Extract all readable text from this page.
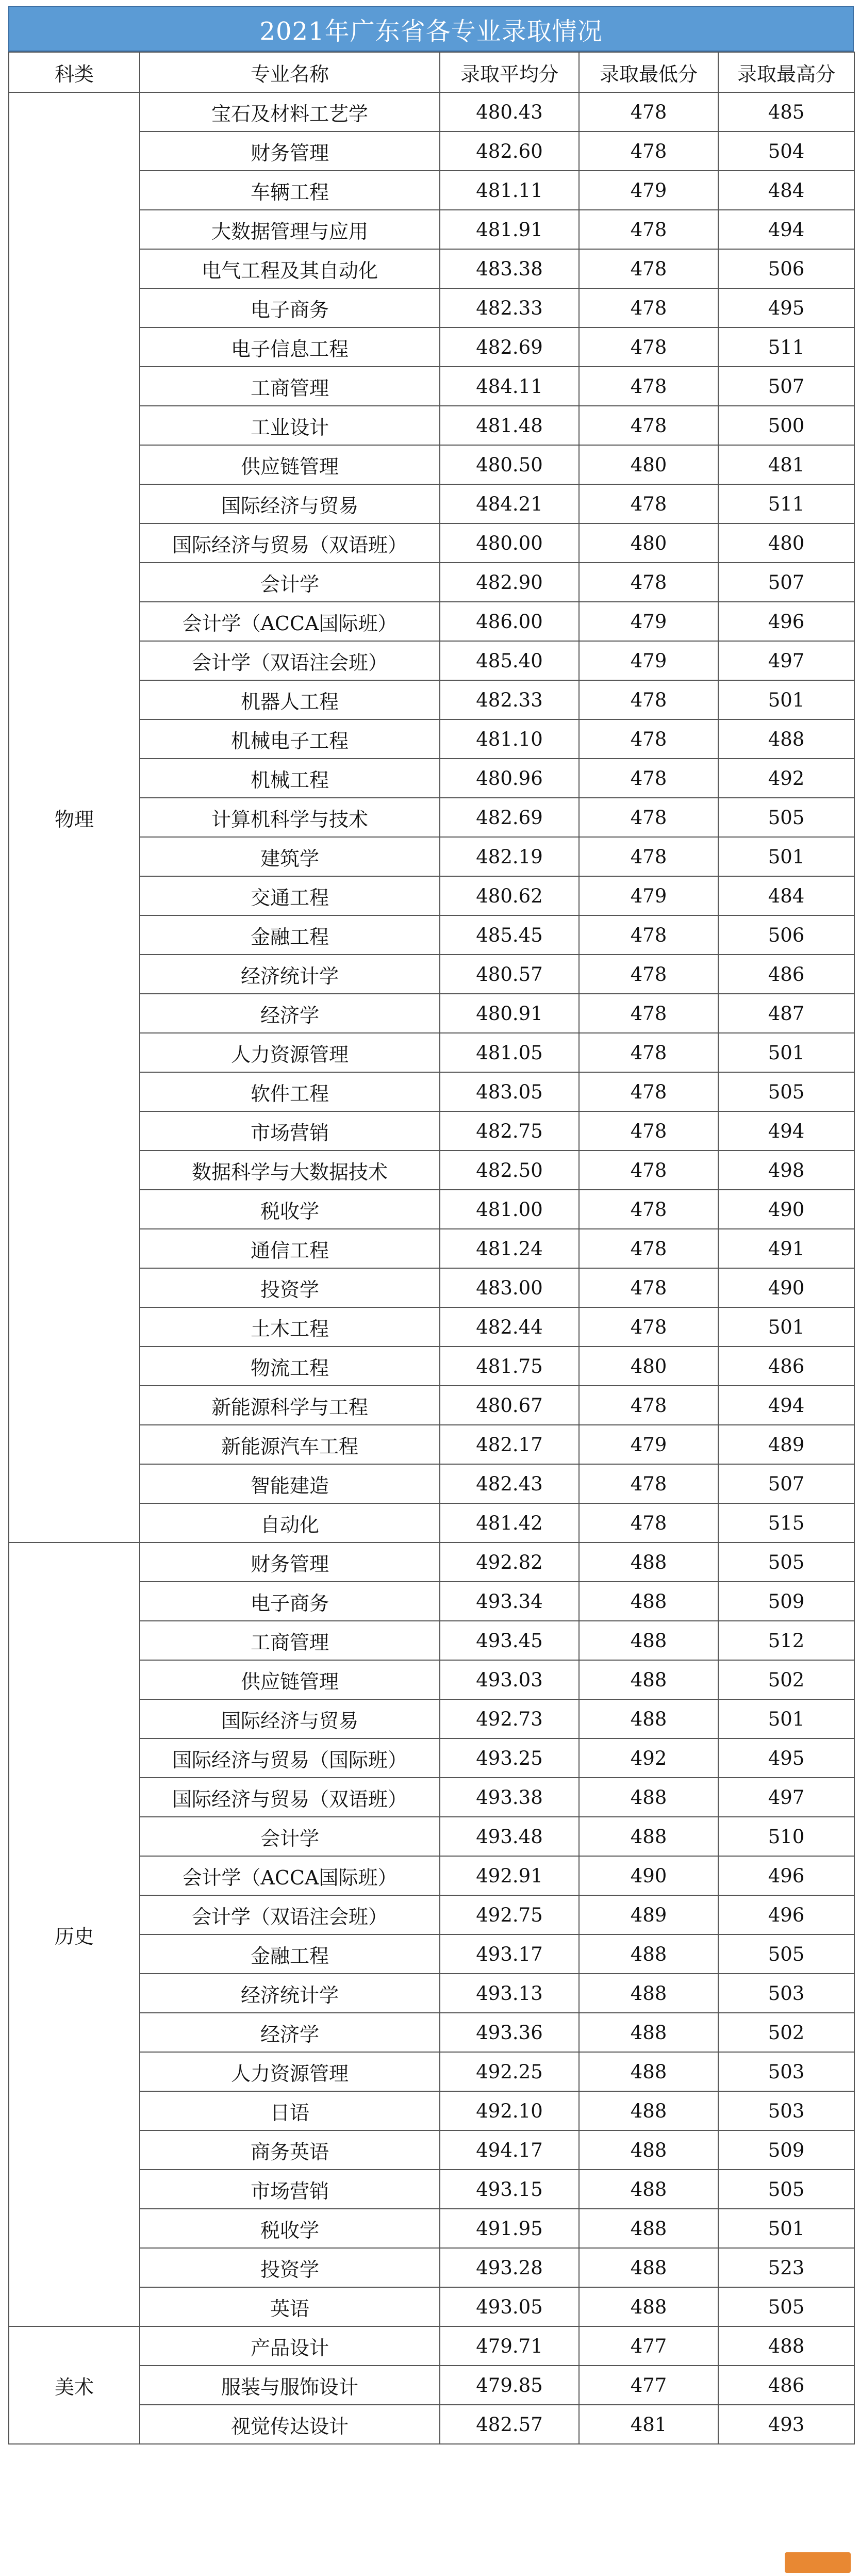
2021年广东省各专业录取情况
科类	专业名称	录取平均分	录取最低分	录取最高分
物理	宝石及材料工艺学	480.43	478	485
	财务管理	482.60	478	504
	车辆工程	481.11	479	484
	大数据管理与应用	481.91	478	494
	电气工程及其自动化	483.38	478	506
	电子商务	482.33	478	495
	电子信息工程	482.69	478	511
	工商管理	484.11	478	507
	工业设计	481.48	478	500
	供应链管理	480.50	480	481
	国际经济与贸易	484.21	478	511
	国际经济与贸易（双语班）	480.00	480	480
	会计学	482.90	478	507
	会计学（ACCA国际班）	486.00	479	496
	会计学（双语注会班）	485.40	479	497
	机器人工程	482.33	478	501
	机械电子工程	481.10	478	488
	机械工程	480.96	478	492
	计算机科学与技术	482.69	478	505
	建筑学	482.19	478	501
	交通工程	480.62	479	484
	金融工程	485.45	478	506
	经济统计学	480.57	478	486
	经济学	480.91	478	487
	人力资源管理	481.05	478	501
	软件工程	483.05	478	505
	市场营销	482.75	478	494
	数据科学与大数据技术	482.50	478	498
	税收学	481.00	478	490
	通信工程	481.24	478	491
	投资学	483.00	478	490
	土木工程	482.44	478	501
	物流工程	481.75	480	486
	新能源科学与工程	480.67	478	494
	新能源汽车工程	482.17	479	489
	智能建造	482.43	478	507
	自动化	481.42	478	515
历史	财务管理	492.82	488	505
	电子商务	493.34	488	509
	工商管理	493.45	488	512
	供应链管理	493.03	488	502
	国际经济与贸易	492.73	488	501
	国际经济与贸易（国际班）	493.25	492	495
	国际经济与贸易（双语班）	493.38	488	497
	会计学	493.48	488	510
	会计学（ACCA国际班）	492.91	490	496
	会计学（双语注会班）	492.75	489	496
	金融工程	493.17	488	505
	经济统计学	493.13	488	503
	经济学	493.36	488	502
	人力资源管理	492.25	488	503
	日语	492.10	488	503
	商务英语	494.17	488	509
	市场营销	493.15	488	505
	税收学	491.95	488	501
	投资学	493.28	488	523
	英语	493.05	488	505
美术	产品设计	479.71	477	488
	服装与服饰设计	479.85	477	486
	视觉传达设计	482.57	481	493
